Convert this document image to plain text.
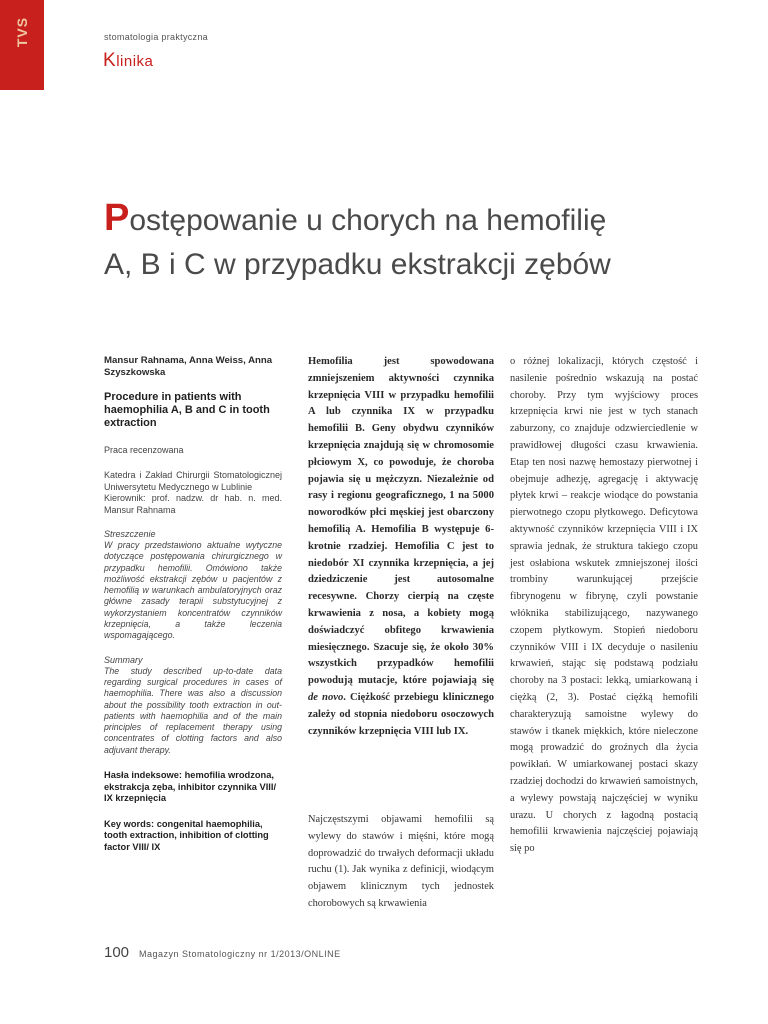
TVS	stomatologia praktyczna
Klinika
Postępowanie u chorych na hemofilię
A, B i C w przypadku ekstrakcji zębów
Mansur Rahnama, Anna Weiss, Anna Szyszkowska
Procedure in patients with haemophilia A, B and C in tooth extraction
Praca recenzowana
Katedra i Zakład Chirurgii Stomatologicznej Uniwersytetu Medycznego w Lublinie
Kierownik: prof. nadzw. dr hab. n. med. Mansur Rahnama
Streszczenie
W pracy przedstawiono aktualne wytyczne dotyczące postępowania chirurgicznego w przypadku hemofilii. Omówiono także możliwość ekstrakcji zębów u pacjentów z hemofilią w warunkach ambulatoryjnych oraz główne zasady terapii substytucyjnej z wykorzystaniem koncentratów czynników krzepnięcia, a także leczenia wspomagającego.
Summary
The study described up-to-date data regarding surgical procedures in cases of haemophilia. There was also a discussion about the possibility tooth extraction in out- patients with haemophilia and of the main principles of replacement therapy using concentrates of clotting factors and also adjuvant therapy.
Hasła indeksowe: hemofilia wrodzona, ekstrakcja zęba, inhibitor czynnika VIII/ IX krzepnięcia
Key words: congenital haemophilia, tooth extraction, inhibition of clotting factor VIII/ IX
Hemofilia jest spowodowana zmniejszeniem aktywności czynnika krzepnięcia VIII w przypadku hemofilii A lub czynnika IX w przypadku hemofilii B. Geny obydwu czynników krzepnięcia znajdują się w chromosomie płciowym X, co powoduje, że choroba pojawia się u mężczyzn. Niezależnie od rasy i regionu geograficznego, 1 na 5000 noworodków płci męskiej jest obarczony hemofilią A. Hemofilia B występuje 6-krotnie rzadziej. Hemofilia C jest to niedobór XI czynnika krzepnięcia, a jej dziedziczenie jest autosomalne recesywne. Chorzy cierpią na częste krwawienia z nosa, a kobiety mogą doświadczyć obfitego krwawienia miesięcznego. Szacuje się, że około 30% wszystkich przypadków hemofilii powodują mutacje, które pojawiają się de novo. Ciężkość przebiegu klinicznego zależy od stopnia niedoboru osoczowych czynników krzepnięcia VIII lub IX.
Najczęstszymi objawami hemofilii są wylewy do stawów i mięśni, które mogą doprowadzić do trwałych deformacji układu ruchu (1). Jak wynika z definicji, wiodącym objawem klinicznym tych jednostek chorobowych są krwawienia
o różnej lokalizacji, których częstość i nasilenie pośrednio wskazują na postać choroby. Przy tym wyjściowy proces krzepnięcia krwi nie jest w tych stanach zaburzony, co znajduje odzwierciedlenie w prawidłowej długości czasu krwawienia. Etap ten nosi nazwę hemostazy pierwotnej i obejmuje adhezję, agregację i aktywację płytek krwi – reakcje wiodące do powstania pierwotnego czopu płytkowego. Deficytowa aktywność czynników krzepnięcia VIII i IX sprawia jednak, że struktura takiego czopu jest osłabiona wskutek zmniejszonej ilości trombiny warunkującej przejście fibrynogenu w fibrynę, czyli powstanie włóknika stabilizującego, nazywanego czopem płytkowym. Stopień niedoboru czynników VIII i IX decyduje o nasileniu krwawień, stając się podstawą podziału choroby na 3 postaci: lekką, umiarkowaną i ciężką (2, 3). Postać ciężką hemofili charakteryzują samoistne wylewy do stawów i tkanek miękkich, które nieleczone mogą prowadzić do groźnych dla życia powikłań. W umiarkowanej postaci skazy rzadziej dochodzi do krwawień samoistnych, a wylewy powstają najczęściej w wyniku urazu. U chorych z łagodną postacią hemofilii krwawienia najczęściej pojawiają się po
100 Magazyn Stomatologiczny nr 1/2013/ONLINE
